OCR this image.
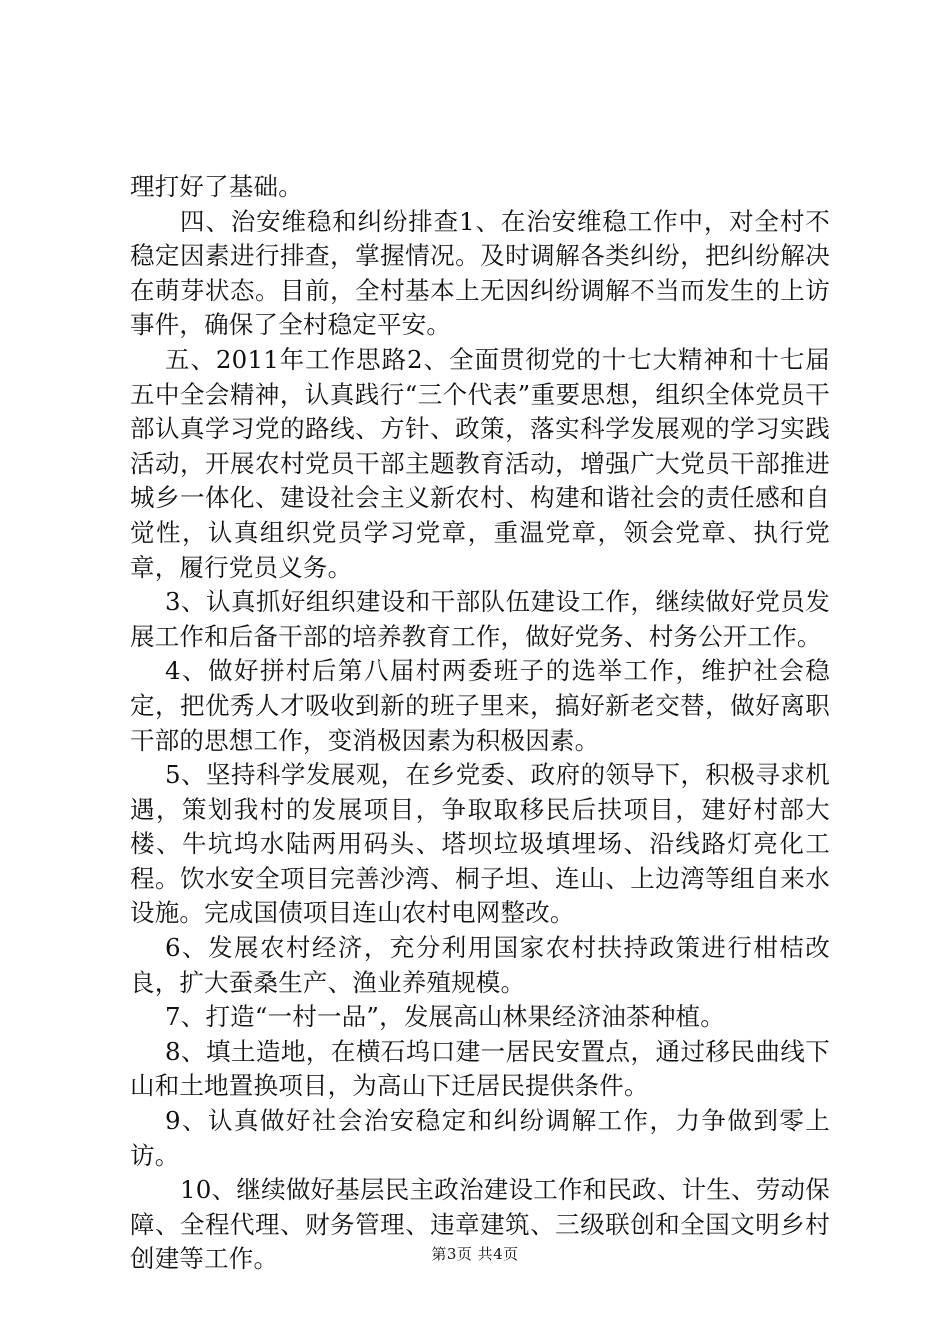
理打好了基础。

四、治安维稳和纠纷排查1、在治安维稳工作中，对全村不稳定因素进行排查，掌握情况。及时调解各类纠纷，把纠纷解决在萌芽状态。目前，全村基本上无因纠纷调解不当而发生的上访事件，确保了全村稳定平安。

五、2011年工作思路2、全面贯彻党的十七大精神和十七届五中全会精神，认真践行“三个代表”重要思想，组织全体党员干部认真学习党的路线、方针、政策，落实科学发展观的学习实践活动，开展农村党员干部主题教育活动，增强广大党员干部推进城乡一体化、建设社会主义新农村、构建和谐社会的责任感和自觉性，认真组织党员学习党章，重温党章，领会党章、执行党章，履行党员义务。

3、认真抓好组织建设和干部队伍建设工作，继续做好党员发展工作和后备干部的培养教育工作，做好党务、村务公开工作。

4、做好拼村后第八届村两委班子的选举工作，维护社会稳定，把优秀人才吸收到新的班子里来，搞好新老交替，做好离职干部的思想工作，变消极因素为积极因素。

5、坚持科学发展观，在乡党委、政府的领导下，积极寻求机遇，策划我村的发展项目，争取取移民后扶项目，建好村部大楼、牛坑坞水陆两用码头、塔坝垃圾填埋场、沿线路灯亮化工程。饮水安全项目完善沙湾、桐子坦、连山、上边湾等组自来水设施。完成国债项目连山农村电网整改。

6、发展农村经济，充分利用国家农村扶持政策进行柑桔改良，扩大蚕桑生产、渔业养殖规模。

7、打造“一村一品”，发展高山林果经济油茶种植。

8、填土造地，在横石坞口建一居民安置点，通过移民曲线下山和土地置换项目，为高山下迁居民提供条件。

9、认真做好社会治安稳定和纠纷调解工作，力争做到零上访。

10、继续做好基层民主政治建设工作和民政、计生、劳动保障、全程代理、财务管理、违章建筑、三级联创和全国文明乡村创建等工作。	第3页 共4页
